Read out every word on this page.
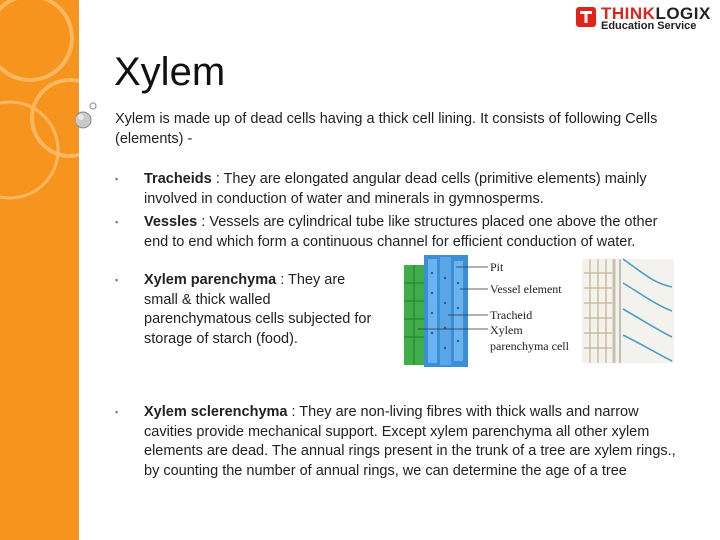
THINKLOGIX
Education Service
Xylem

Xylem is made up of dead cells having a thick cell lining. It consists of following Cells (elements) -

▪ Tracheids : They are elongated angular dead cells (primitive elements) mainly involved in conduction of water and minerals in gymnosperms.
▪ Vessles : Vessels are cylindrical tube like structures placed one above the other end to end which form a continuous channel for efficient conduction of water.
▪ Xylem parenchyma : They are small & thick walled parenchymatous cells subjected for storage of starch (food).
▪ Xylem sclerenchyma : They are non-living fibres with thick walls and narrow cavities provide mechanical support. Except xylem parenchyma all other xylem elements are dead. The annual rings present in the trunk of a tree are xylem rings., by counting the number of annual rings, we can determine the age of a tree
Pit
Vessel element
Tracheid
Xylem
parenchyma cell
